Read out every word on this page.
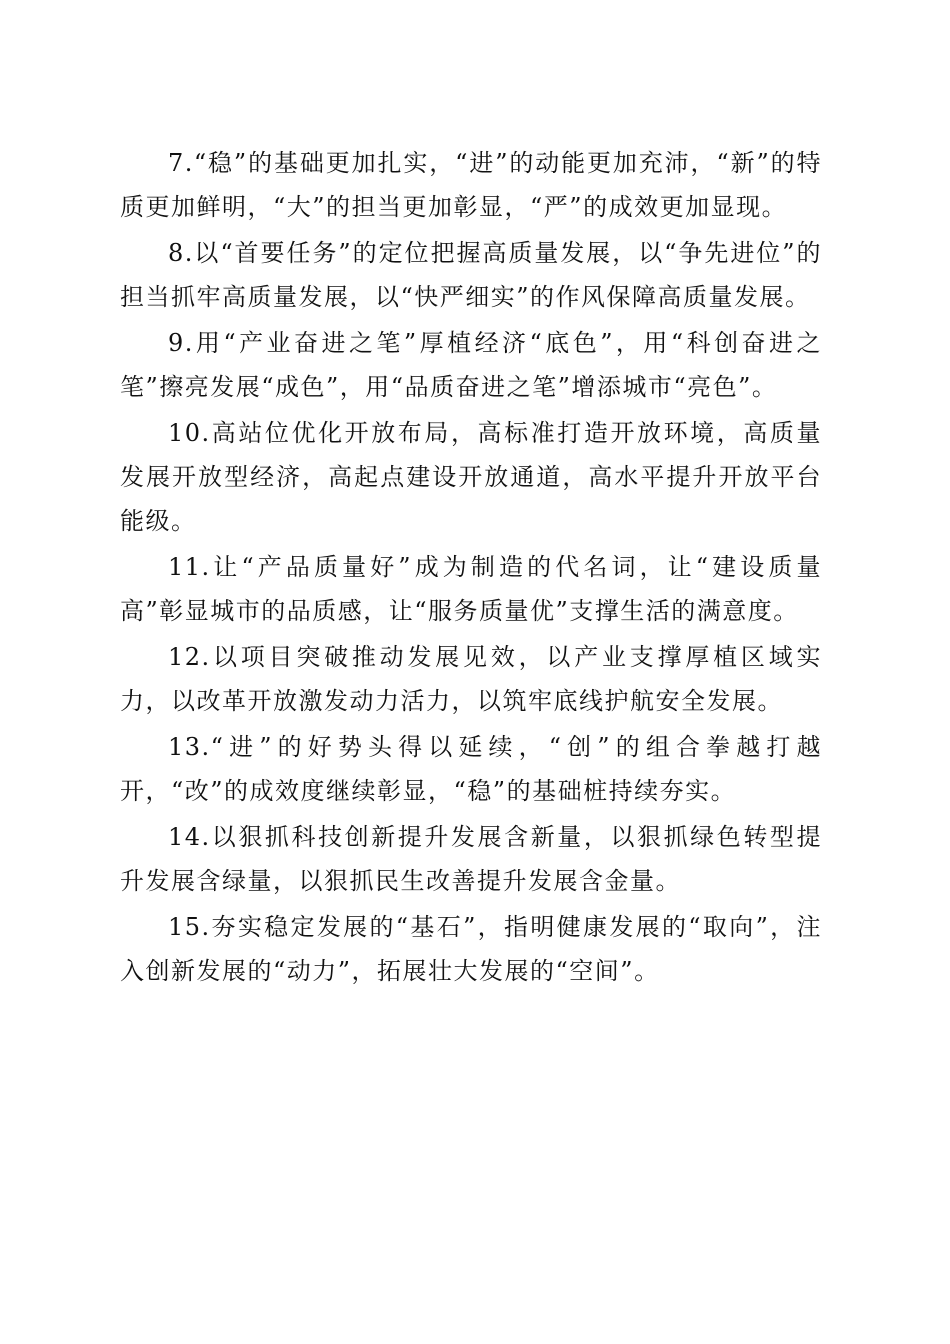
7.“稳”的基础更加扎实，“进”的动能更加充沛，“新”的特质更加鲜明，“大”的担当更加彰显，“严”的成效更加显现。

8.以“首要任务”的定位把握高质量发展，以“争先进位”的担当抓牢高质量发展，以“快严细实”的作风保障高质量发展。

9.用“产业奋进之笔”厚植经济“底色”，用“科创奋进之笔”擦亮发展“成色”，用“品质奋进之笔”增添城市“亮色”。

10.高站位优化开放布局，高标准打造开放环境，高质量发展开放型经济，高起点建设开放通道，高水平提升开放平台能级。

11.让“产品质量好”成为制造的代名词，让“建设质量高”彰显城市的品质感，让“服务质量优”支撑生活的满意度。

12.以项目突破推动发展见效，以产业支撑厚植区域实力，以改革开放激发动力活力，以筑牢底线护航安全发展。

13.“进”的好势头得以延续，“创”的组合拳越打越开，“改”的成效度继续彰显，“稳”的基础桩持续夯实。

14.以狠抓科技创新提升发展含新量，以狠抓绿色转型提升发展含绿量，以狠抓民生改善提升发展含金量。

15.夯实稳定发展的“基石”，指明健康发展的“取向”，注入创新发展的“动力”，拓展壮大发展的“空间”。
